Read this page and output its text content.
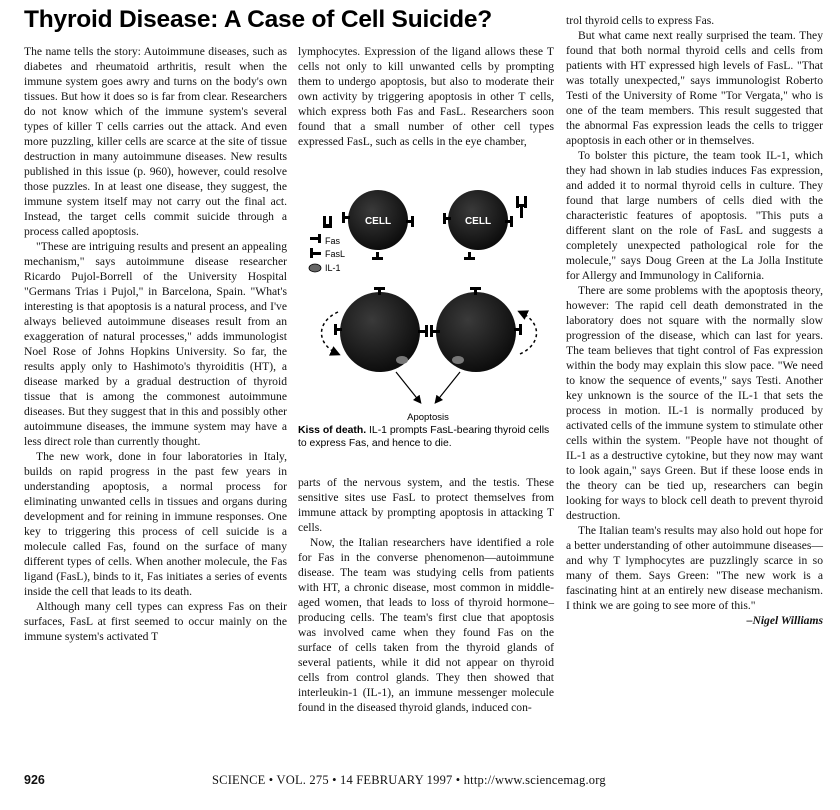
Thyroid Disease: A Case of Cell Suicide?

The name tells the story: Autoimmune diseases, such as diabetes and rheumatoid arthritis, result when the immune system goes awry and turns on the body's own tissues. But how it does so is far from clear. Researchers do not know which of the immune system's several types of killer T cells carries out the attack. And even more puzzling, killer cells are scarce at the site of tissue destruction in many autoimmune diseases. New results published in this issue (p. 960), however, could resolve those puzzles. In at least one disease, they suggest, the immune system itself may not carry out the final act. Instead, the target cells commit suicide through a process called apoptosis.

"These are intriguing results and present an appealing mechanism," says autoimmune disease researcher Ricardo Pujol-Borrell of the University Hospital "Germans Trias i Pujol," in Barcelona, Spain. "What's interesting is that apoptosis is a natural process, and I've always believed autoimmune diseases result from an exaggeration of natural processes," adds immunologist Noel Rose of Johns Hopkins University. So far, the results apply only to Hashimoto's thyroiditis (HT), a disease marked by a gradual destruction of thyroid tissue that is among the commonest autoimmune diseases. But they suggest that in this and possibly other autoimmune diseases, the immune system may have a less direct role than currently thought.

The new work, done in four laboratories in Italy, builds on rapid progress in the past few years in understanding apoptosis, a normal process for eliminating unwanted cells in tissues and organs during development and for reining in immune responses. One key to triggering this process of cell suicide is a molecule called Fas, found on the surface of many different types of cells. When another molecule, the Fas ligand (FasL), binds to it, Fas initiates a series of events inside the cell that leads to its death.

Although many cell types can express Fas on their surfaces, FasL at first seemed to occur mainly on the immune system's activated T

lymphocytes. Expression of the ligand allows these T cells not only to kill unwanted cells by prompting them to undergo apoptosis, but also to moderate their own activity by triggering apoptosis in other T cells, which express both Fas and FasL. Researchers soon found that a small number of other cell types expressed FasL, such as cells in the eye chamber,

CELL	CELL
Fas
FasL
IL-1
Apoptosis
Kiss of death. IL-1 prompts FasL-bearing thyroid cells to express Fas, and hence to die.

parts of the nervous system, and the testis. These sensitive sites use FasL to protect themselves from immune attack by prompting apoptosis in attacking T cells.

Now, the Italian researchers have identified a role for Fas in the converse phenomenon—autoimmune disease. The team was studying cells from patients with HT, a chronic disease, most common in middle-aged women, that leads to loss of thyroid hormone–producing cells. The team's first clue that apoptosis was involved came when they found Fas on the surface of cells taken from the thyroid glands of several patients, while it did not appear on thyroid cells from control glands. They then showed that interleukin-1 (IL-1), an immune messenger molecule found in the diseased thyroid glands, induced con-

trol thyroid cells to express Fas.

But what came next really surprised the team. They found that both normal thyroid cells and cells from patients with HT expressed high levels of FasL. "That was totally unexpected," says immunologist Roberto Testi of the University of Rome "Tor Vergata," who is one of the team members. This result suggested that the abnormal Fas expression leads the cells to trigger apoptosis in each other or in themselves.

To bolster this picture, the team took IL-1, which they had shown in lab studies induces Fas expression, and added it to normal thyroid cells in culture. They found that large numbers of cells died with the characteristic features of apoptosis. "This puts a different slant on the role of FasL and suggests a completely unexpected pathological role for the molecule," says Doug Green at the La Jolla Institute for Allergy and Immunology in California.

There are some problems with the apoptosis theory, however: The rapid cell death demonstrated in the laboratory does not square with the normally slow progression of the disease, which can last for years. The team believes that tight control of Fas expression within the body may explain this slow pace. "We need to know the sequence of events," says Testi. Another key unknown is the source of the IL-1 that sets the process in motion. IL-1 is normally produced by activated cells of the immune system to stimulate other cells within the system. "People have not thought of IL-1 as a destructive cytokine, but they now may want to look again," says Green. But if these loose ends in the theory can be tied up, researchers can begin looking for ways to block cell death to prevent thyroid destruction.

The Italian team's results may also hold out hope for a better understanding of other autoimmune diseases—and why T lymphocytes are puzzlingly scarce in so many of them. Says Green: "The new work is a fascinating hint at an entirely new disease mechanism. I think we are going to see more of this."

–Nigel Williams
926	SCIENCE • VOL. 275 • 14 FEBRUARY 1997 • http://www.sciencemag.org
